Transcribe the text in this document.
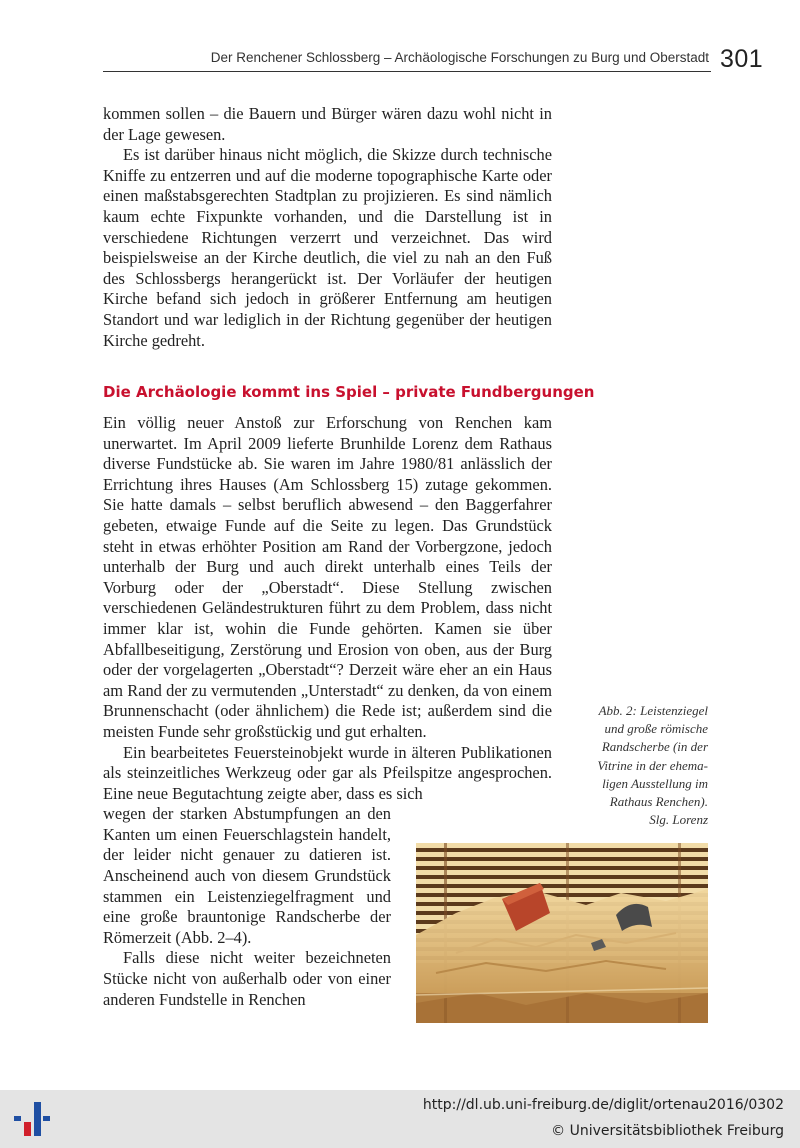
Der Renchener Schlossberg – Archäologische Forschungen zu Burg und Oberstadt 301

kommen sollen – die Bauern und Bürger wären dazu wohl nicht in der Lage gewesen.

Es ist darüber hinaus nicht möglich, die Skizze durch technische Kniffe zu entzerren und auf die moderne topographische Karte oder einen maßstabsgerechten Stadtplan zu projizieren. Es sind nämlich kaum echte Fixpunkte vorhanden, und die Darstellung ist in verschiedene Richtungen verzerrt und verzeichnet. Das wird beispielsweise an der Kirche deutlich, die viel zu nah an den Fuß des Schlossbergs herangerückt ist. Der Vorläufer der heutigen Kirche befand sich jedoch in größerer Entfernung am heutigen Standort und war lediglich in der Richtung gegenüber der heutigen Kirche gedreht.

Die Archäologie kommt ins Spiel – private Fundbergungen

Ein völlig neuer Anstoß zur Erforschung von Renchen kam unerwartet. Im April 2009 lieferte Brunhilde Lorenz dem Rathaus diverse Fundstücke ab. Sie waren im Jahre 1980/81 anlässlich der Errichtung ihres Hauses (Am Schlossberg 15) zutage gekommen. Sie hatte damals – selbst beruflich abwesend – den Baggerfahrer gebeten, etwaige Funde auf die Seite zu legen. Das Grundstück steht in etwas erhöhter Position am Rand der Vorbergzone, jedoch unterhalb der Burg und auch direkt unterhalb eines Teils der Vorburg oder der „Oberstadt“. Diese Stellung zwischen verschiedenen Geländestrukturen führt zu dem Problem, dass nicht immer klar ist, wohin die Funde gehörten. Kamen sie über Abfallbeseitigung, Zerstörung und Erosion von oben, aus der Burg oder der vorgelagerten „Oberstadt“? Derzeit wäre eher an ein Haus am Rand der zu vermutenden „Unterstadt“ zu denken, da von einem Brunnenschacht (oder ähnlichem) die Rede ist; außerdem sind die meisten Funde sehr großstückig und gut erhalten.

Ein bearbeitetes Feuersteinobjekt wurde in älteren Publikationen als steinzeitliches Werkzeug oder gar als Pfeilspitze angesprochen. Eine neue Begutachtung zeigte aber, dass es sich

wegen der starken Abstumpfungen an den Kanten um einen Feuerschlagstein handelt, der leider nicht genauer zu datieren ist. Anscheinend auch von diesem Grundstück stammen ein Leistenziegelfragment und eine große brauntonige Randscherbe der Römerzeit (Abb. 2–4).

Falls diese nicht weiter bezeichneten Stücke nicht von außerhalb oder von einer anderen Fundstelle in Renchen

Abb. 2: Leistenziegel
und große römische
Randscherbe (in der
Vitrine in der ehema-
ligen Ausstellung im
Rathaus Renchen).
Slg. Lorenz
http://dl.ub.uni-freiburg.de/diglit/ortenau2016/0302
© Universitätsbibliothek Freiburg
